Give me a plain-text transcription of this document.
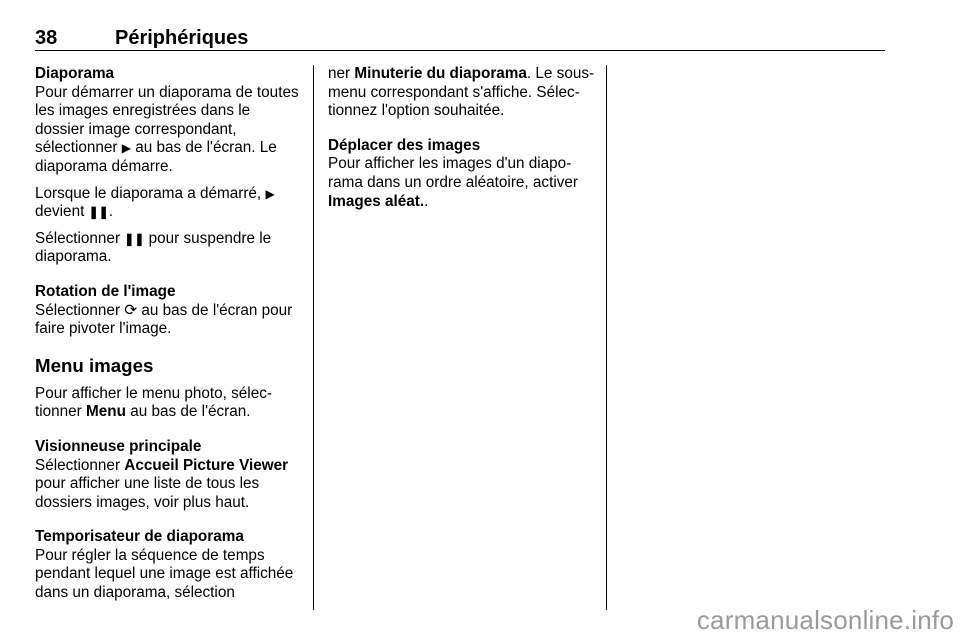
38	Périphériques

Diaporama
Pour démarrer un diaporama de toutes les images enregistrées dans le dossier image correspondant, sélectionner ▶ au bas de l'écran. Le diaporama démarre.

Lorsque le diaporama a démarré, ▶ devient ❚❚.

Sélectionner ❚❚ pour suspendre le diaporama.

Rotation de l'image
Sélectionner ⟳ au bas de l'écran pour faire pivoter l'image.

Menu images

Pour afficher le menu photo, sélectionner Menu au bas de l'écran.

Visionneuse principale
Sélectionner Accueil Picture Viewer pour afficher une liste de tous les dossiers images, voir plus haut.

Temporisateur de diaporama
Pour régler la séquence de temps pendant lequel une image est affichée dans un diaporama, sélection

ner Minuterie du diaporama. Le sous-menu correspondant s'affiche. Sélectionnez l'option souhaitée.

Déplacer des images
Pour afficher les images d'un diaporama dans un ordre aléatoire, activer Images aléat..

carmanualsonline.info
